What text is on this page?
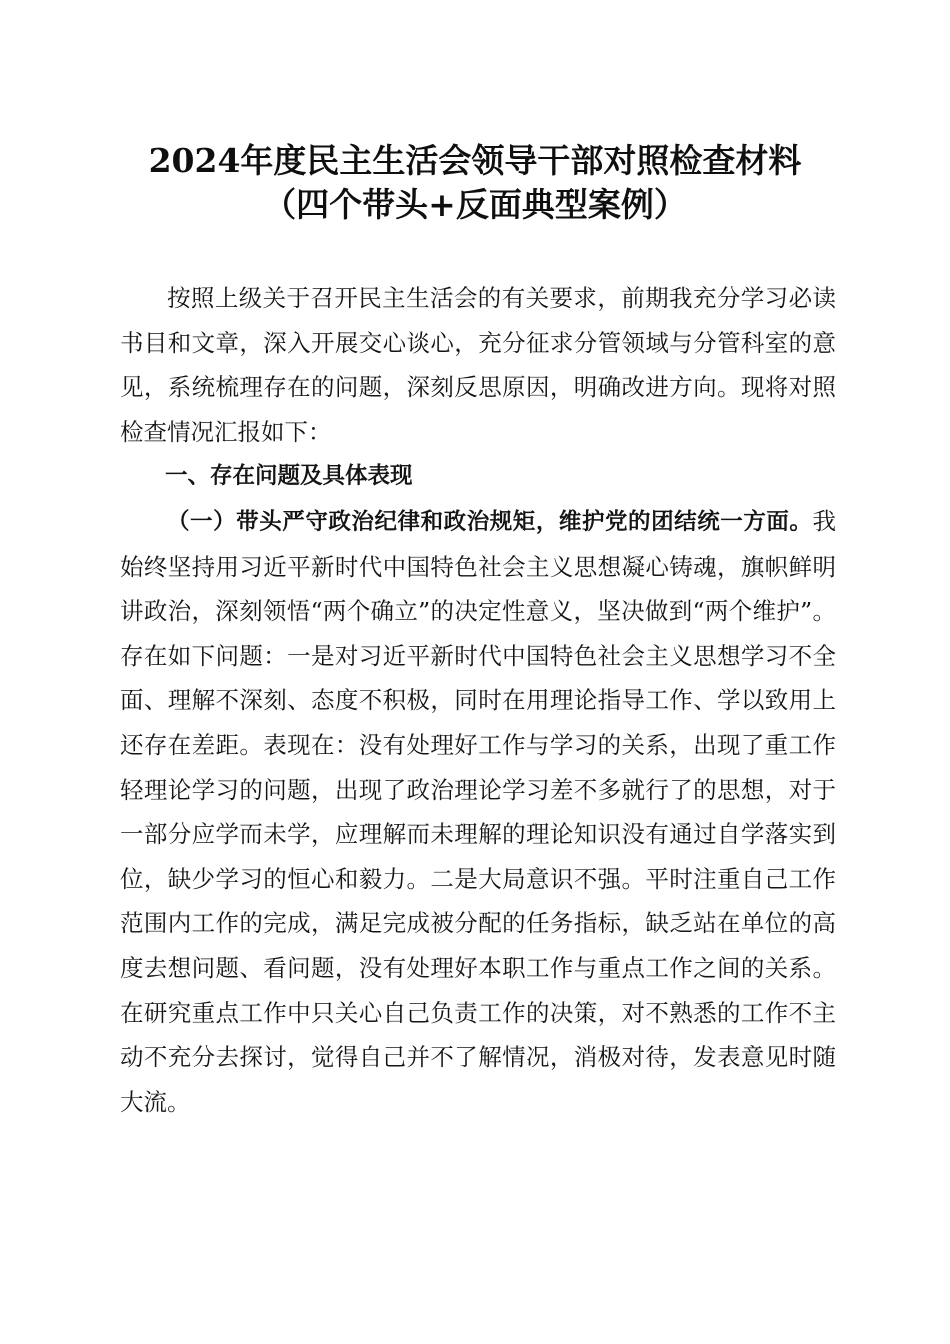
2024年度民主生活会领导干部对照检查材料
（四个带头+反面典型案例）

按照上级关于召开民主生活会的有关要求，前期我充分学习必读书目和文章，深入开展交心谈心，充分征求分管领域与分管科室的意见，系统梳理存在的问题，深刻反思原因，明确改进方向。现将对照检查情况汇报如下：

一、存在问题及具体表现

（一）带头严守政治纪律和政治规矩，维护党的团结统一方面。我始终坚持用习近平新时代中国特色社会主义思想凝心铸魂，旗帜鲜明讲政治，深刻领悟“两个确立”的决定性意义，坚决做到“两个维护”。存在如下问题：一是对习近平新时代中国特色社会主义思想学习不全面、理解不深刻、态度不积极，同时在用理论指导工作、学以致用上还存在差距。表现在：没有处理好工作与学习的关系，出现了重工作轻理论学习的问题，出现了政治理论学习差不多就行了的思想，对于一部分应学而未学，应理解而未理解的理论知识没有通过自学落实到位，缺少学习的恒心和毅力。二是大局意识不强。平时注重自己工作范围内工作的完成，满足完成被分配的任务指标，缺乏站在单位的高度去想问题、看问题，没有处理好本职工作与重点工作之间的关系。在研究重点工作中只关心自己负责工作的决策，对不熟悉的工作不主动不充分去探讨，觉得自己并不了解情况，消极对待，发表意见时随大流。
